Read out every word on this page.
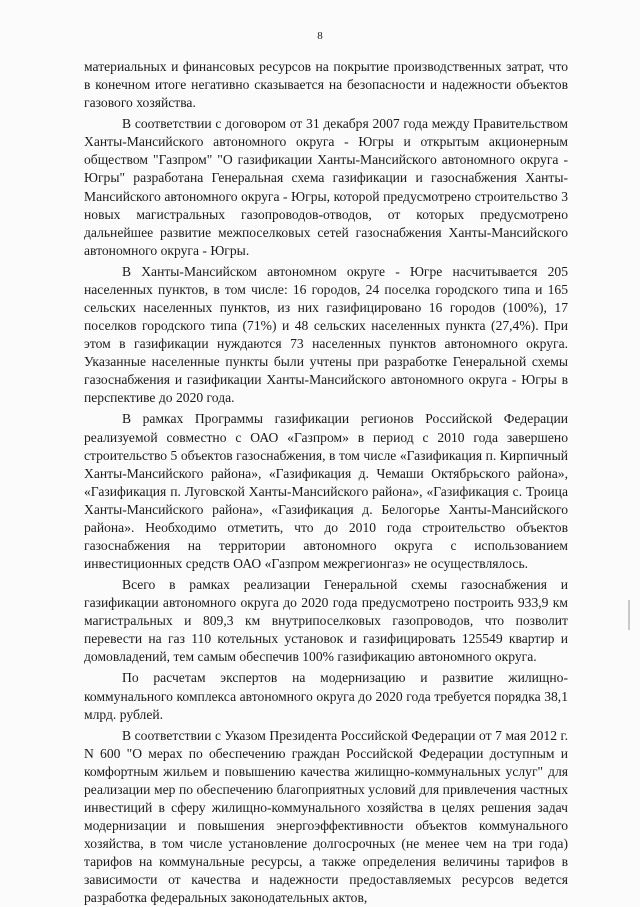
8

материальных и финансовых ресурсов на покрытие производственных затрат, что в конечном итоге негативно сказывается на безопасности и надежности объектов газового хозяйства.

В соответствии с договором от 31 декабря 2007 года между Правительством Ханты-Мансийского автономного округа - Югры и открытым акционерным обществом "Газпром" "О газификации Ханты-Мансийского автономного округа - Югры" разработана Генеральная схема газификации и газоснабжения Ханты-Мансийского автономного округа - Югры, которой предусмотрено строительство 3 новых магистральных газопроводов-отводов, от которых предусмотрено дальнейшее развитие межпоселковых сетей газоснабжения Ханты-Мансийского автономного округа - Югры.

В Ханты-Мансийском автономном округе - Югре насчитывается 205 населенных пунктов, в том числе: 16 городов, 24 поселка городского типа и 165 сельских населенных пунктов, из них газифицировано 16 городов (100%), 17 поселков городского типа (71%) и 48 сельских населенных пункта (27,4%). При этом в газификации нуждаются 73 населенных пунктов автономного округа. Указанные населенные пункты были учтены при разработке Генеральной схемы газоснабжения и газификации Ханты-Мансийского автономного округа - Югры в перспективе до 2020 года.

В рамках Программы газификации регионов Российской Федерации реализуемой совместно с ОАО «Газпром» в период с 2010 года завершено строительство 5 объектов газоснабжения, в том числе «Газификация п. Кирпичный Ханты-Мансийского района», «Газификация д. Чемаши Октябрьского района», «Газификация п. Луговской Ханты-Мансийского района», «Газификация с. Троица Ханты-Мансийского района», «Газификация д. Белогорье Ханты-Мансийского района». Необходимо отметить, что до 2010 года строительство объектов газоснабжения на территории автономного округа с использованием инвестиционных средств ОАО «Газпром межрегионгаз» не осуществлялось.

Всего в рамках реализации Генеральной схемы газоснабжения и газификации автономного округа до 2020 года предусмотрено построить 933,9 км магистральных и 809,3 км внутрипоселковых газопроводов, что позволит перевести на газ 110 котельных установок и газифицировать 125549 квартир и домовладений, тем самым обеспечив 100% газификацию автономного округа.

По расчетам экспертов на модернизацию и развитие жилищно-коммунального комплекса автономного округа до 2020 года требуется порядка 38,1 млрд. рублей.

В соответствии с Указом Президента Российской Федерации от 7 мая 2012 г. N 600 "О мерах по обеспечению граждан Российской Федерации доступным и комфортным жильем и повышению качества жилищно-коммунальных услуг" для реализации мер по обеспечению благоприятных условий для привлечения частных инвестиций в сферу жилищно-коммунального хозяйства в целях решения задач модернизации и повышения энергоэффективности объектов коммунального хозяйства, в том числе установление долгосрочных (не менее чем на три года) тарифов на коммунальные ресурсы, а также определения величины тарифов в зависимости от качества и надежности предоставляемых ресурсов ведется разработка федеральных законодательных актов,
